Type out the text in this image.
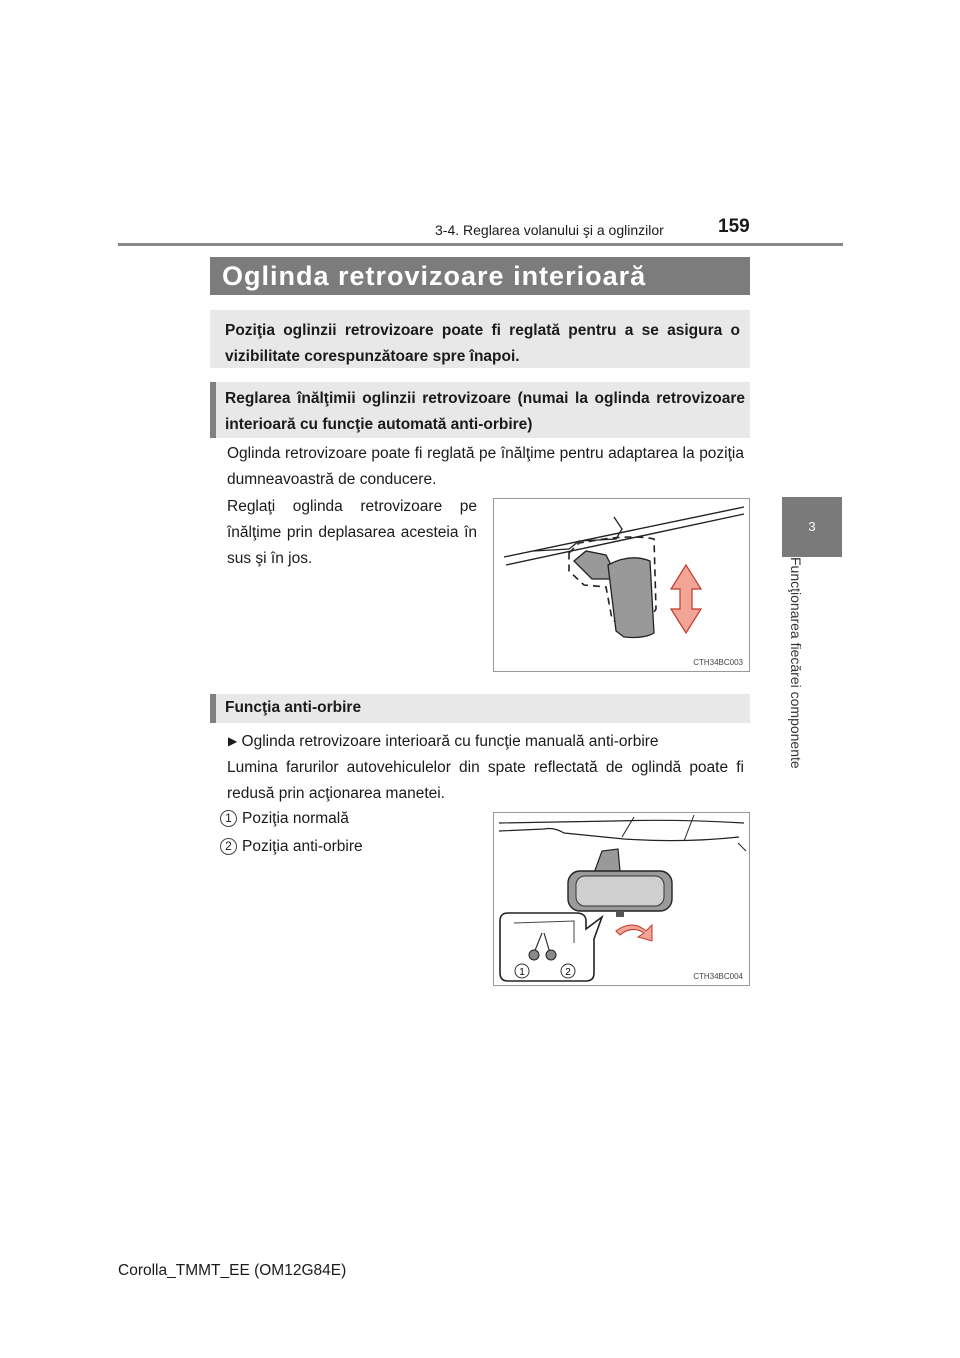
3-4. Reglarea volanului şi a oglinzilor	159
3
Funcţionarea fiecărei componente
Oglinda retrovizoare interioară

Poziţia oglinzii retrovizoare poate fi reglată pentru a se asigura o vizibilitate corespunzătoare spre înapoi.

Reglarea înălţimii oglinzii retrovizoare (numai la oglinda retrovizoare interioară cu funcţie automată anti-orbire)

Oglinda retrovizoare poate fi reglată pe înălţime pentru adaptarea la poziţia dumneavoastră de conducere.

Reglaţi oglinda retrovizoare pe înălţime prin deplasarea acesteia în sus şi în jos.

CTH34BC003

Funcţia anti-orbire

▶ Oglinda retrovizoare interioară cu funcţie manuală anti-orbire

Lumina farurilor autovehiculelor din spate reflectată de oglindă poate fi redusă prin acţionarea manetei.

1 Poziţia normală
2 Poziţia anti-orbire
1	2	CTH34BC004
Corolla_TMMT_EE (OM12G84E)
